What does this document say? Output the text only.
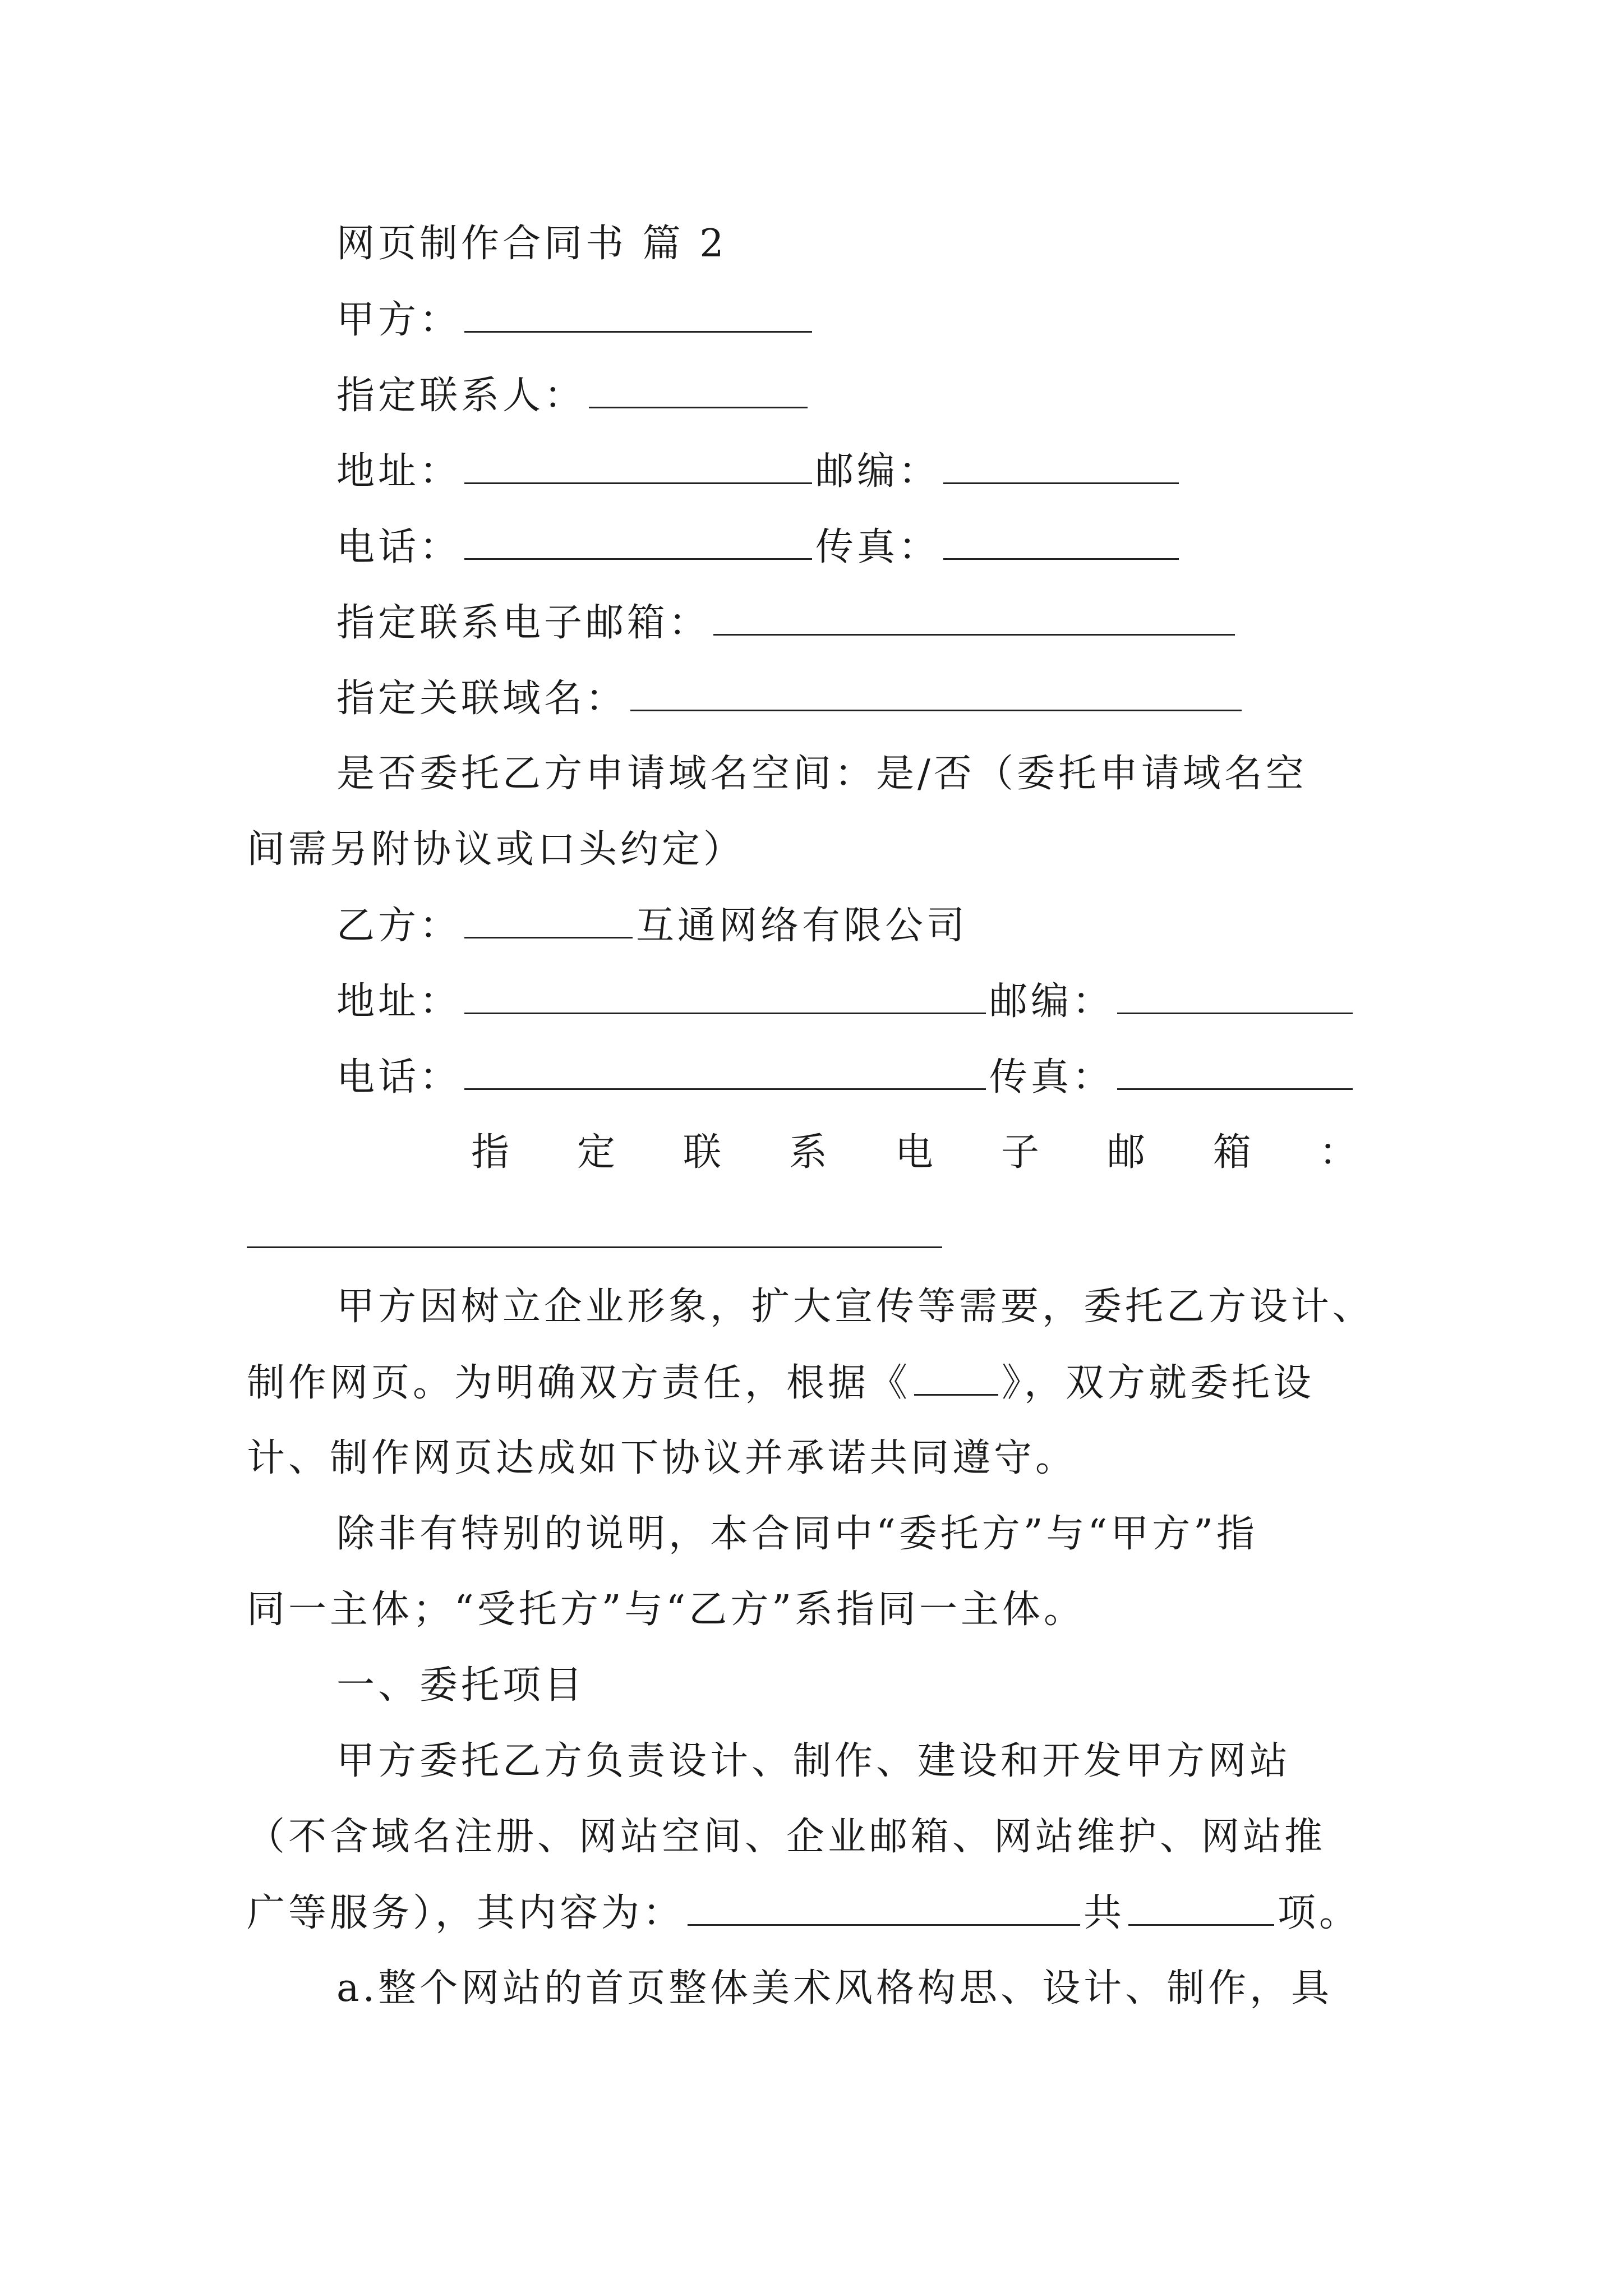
网页制作合同书 篇 2
甲方：
指定联系人：
地址：	邮编：
电话：	传真：
指定联系电子邮箱：
指定关联域名：
是否委托乙方申请域名空间：是/否（委托申请域名空
间需另附协议或口头约定）
乙方：	互通网络有限公司
地址：	邮编：
电话：	传真：
指 定 联 系 电 子 邮 箱 ：
甲方因树立企业形象，扩大宣传等需要，委托乙方设计、
制作网页。为明确双方责任，根据《 》，双方就委托设
计、制作网页达成如下协议并承诺共同遵守。
除非有特别的说明，本合同中“委托方”与“甲方”指
同一主体；“受托方”与“乙方”系指同一主体。
一、委托项目
甲方委托乙方负责设计、制作、建设和开发甲方网站
（不含域名注册、网站空间、企业邮箱、网站维护、网站推
广等服务），其内容为：	共	项。
a.整个网站的首页整体美术风格构思、设计、制作，具
